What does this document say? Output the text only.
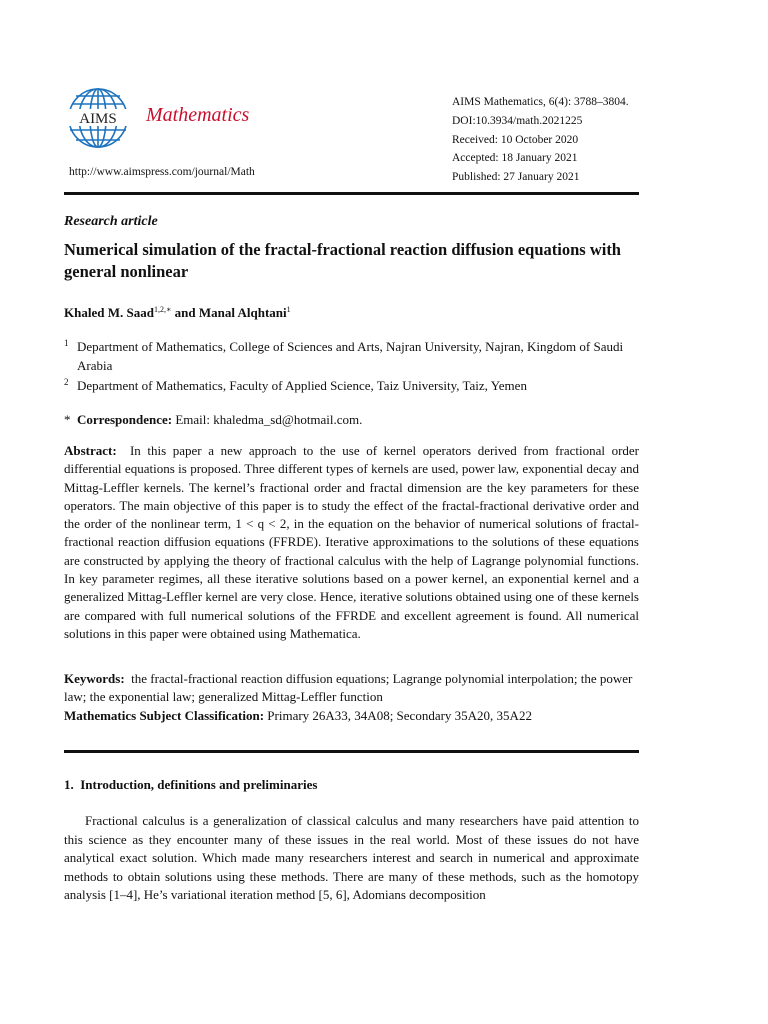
AIMS Mathematics
http://www.aimspress.com/journal/Math
AIMS Mathematics, 6(4): 3788–3804.
DOI:10.3934/math.2021225
Received: 10 October 2020
Accepted: 18 January 2021
Published: 27 January 2021
Research article
Numerical simulation of the fractal-fractional reaction diffusion equations with general nonlinear
Khaled M. Saad$^{1,2,∗}$ and Manal Alqhtani$^1$
1 Department of Mathematics, College of Sciences and Arts, Najran University, Najran, Kingdom of Saudi Arabia
2 Department of Mathematics, Faculty of Applied Science, Taiz University, Taiz, Yemen
* Correspondence: Email: khaledma_sd@hotmail.com.
Abstract: In this paper a new approach to the use of kernel operators derived from fractional order differential equations is proposed. Three different types of kernels are used, power law, exponential decay and Mittag-Leffler kernels. The kernel’s fractional order and fractal dimension are the key parameters for these operators. The main objective of this paper is to study the effect of the fractal-fractional derivative order and the order of the nonlinear term, 1 < q < 2, in the equation on the behavior of numerical solutions of fractal-fractional reaction diffusion equations (FFRDE). Iterative approximations to the solutions of these equations are constructed by applying the theory of fractional calculus with the help of Lagrange polynomial functions. In key parameter regimes, all these iterative solutions based on a power kernel, an exponential kernel and a generalized Mittag-Leffler kernel are very close. Hence, iterative solutions obtained using one of these kernels are compared with full numerical solutions of the FFRDE and excellent agreement is found. All numerical solutions in this paper were obtained using Mathematica.
Keywords: the fractal-fractional reaction diffusion equations; Lagrange polynomial interpolation; the power law; the exponential law; generalized Mittag-Leffler function
Mathematics Subject Classification: Primary 26A33, 34A08; Secondary 35A20, 35A22
1.  Introduction, definitions and preliminaries
Fractional calculus is a generalization of classical calculus and many researchers have paid attention to this science as they encounter many of these issues in the real world. Most of these issues do not have analytical exact solution. Which made many researchers interest and search in numerical and approximate methods to obtain solutions using these methods. There are many of these methods, such as the homotopy analysis [1–4], He’s variational iteration method [5, 6], Adomians decomposition
